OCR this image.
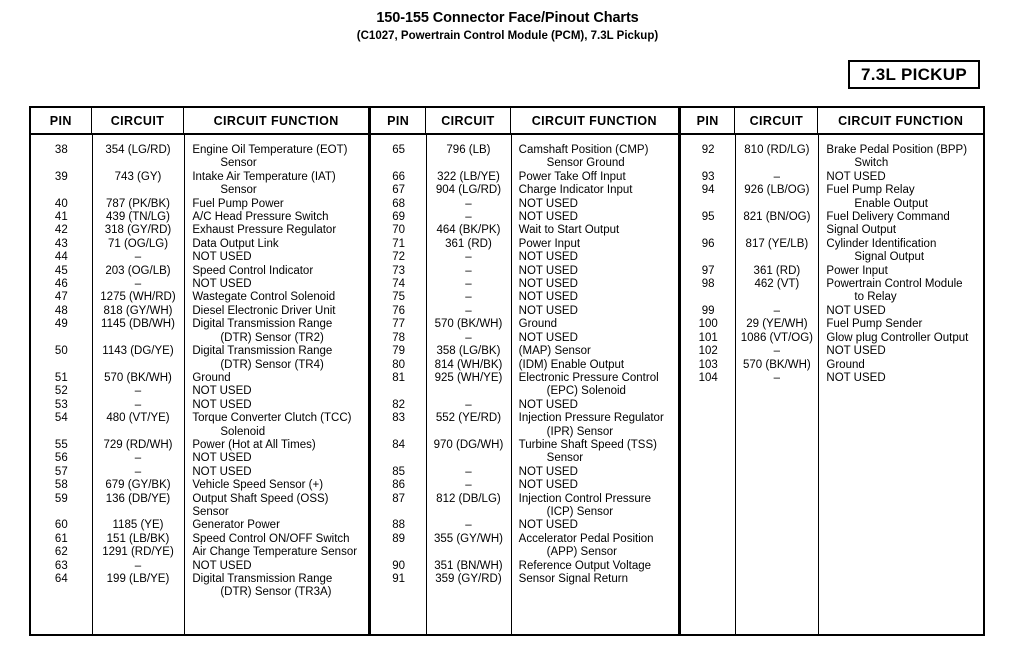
150-155 Connector Face/Pinout Charts
(C1027, Powertrain Control Module (PCM), 7.3L Pickup)
7.3L PICKUP
PIN	CIRCUIT	CIRCUIT FUNCTION
38	354 (LG/RD)	Engine Oil Temperature (EOT)
Sensor
39	743 (GY)	Intake Air Temperature (IAT)
Sensor
40	787 (PK/BK)	Fuel Pump Power
41	439 (TN/LG)	A/C Head Pressure Switch
42	318 (GY/RD)	Exhaust Pressure Regulator
43	71 (OG/LG)	Data Output Link
44	–	NOT USED
45	203 (OG/LB)	Speed Control Indicator
46	–	NOT USED
47	1275 (WH/RD)	Wastegate Control Solenoid
48	818 (GY/WH)	Diesel Electronic Driver Unit
49	1145 (DB/WH)	Digital Transmission Range
(DTR) Sensor (TR2)
50	1143 (DG/YE)	Digital Transmission Range
(DTR) Sensor (TR4)
51	570 (BK/WH)	Ground
52	–	NOT USED
53	–	NOT USED
54	480 (VT/YE)	Torque Converter Clutch (TCC)
Solenoid
55	729 (RD/WH)	Power (Hot at All Times)
56	–	NOT USED
57	–	NOT USED
58	679 (GY/BK)	Vehicle Speed Sensor (+)
59	136 (DB/YE)	Output Shaft Speed (OSS)
Sensor
60	1185 (YE)	Generator Power
61	151 (LB/BK)	Speed Control ON/OFF Switch
62	1291 (RD/YE)	Air Change Temperature Sensor
63	–	NOT USED
64	199 (LB/YE)	Digital Transmission Range
(DTR) Sensor (TR3A)
PIN	CIRCUIT	CIRCUIT FUNCTION
65	796 (LB)	Camshaft Position (CMP)
Sensor Ground
66	322 (LB/YE)	Power Take Off Input
67	904 (LG/RD)	Charge Indicator Input
68	–	NOT USED
69	–	NOT USED
70	464 (BK/PK)	Wait to Start Output
71	361 (RD)	Power Input
72	–	NOT USED
73	–	NOT USED
74	–	NOT USED
75	–	NOT USED
76	–	NOT USED
77	570 (BK/WH)	Ground
78	–	NOT USED
79	358 (LG/BK)	(MAP) Sensor
80	814 (WH/BK)	(IDM) Enable Output
81	925 (WH/YE)	Electronic Pressure Control
(EPC) Solenoid
82	–	NOT USED
83	552 (YE/RD)	Injection Pressure Regulator
(IPR) Sensor
84	970 (DG/WH)	Turbine Shaft Speed (TSS)
Sensor
85	–	NOT USED
86	–	NOT USED
87	812 (DB/LG)	Injection Control Pressure
(ICP) Sensor
88	–	NOT USED
89	355 (GY/WH)	Accelerator Pedal Position
(APP) Sensor
90	351 (BN/WH)	Reference Output Voltage
91	359 (GY/RD)	Sensor Signal Return
PIN	CIRCUIT	CIRCUIT FUNCTION
92	810 (RD/LG)	Brake Pedal Position (BPP)
Switch
93	–	NOT USED
94	926 (LB/OG)	Fuel Pump Relay
Enable Output
95	821 (BN/OG)	Fuel Delivery Command
Signal Output
96	817 (YE/LB)	Cylinder Identification
Signal Output
97	361 (RD)	Power Input
98	462 (VT)	Powertrain Control Module
to Relay
99	–	NOT USED
100	29 (YE/WH)	Fuel Pump Sender
101	1086 (VT/OG)	Glow plug Controller Output
102	–	NOT USED
103	570 (BK/WH)	Ground
104	–	NOT USED
